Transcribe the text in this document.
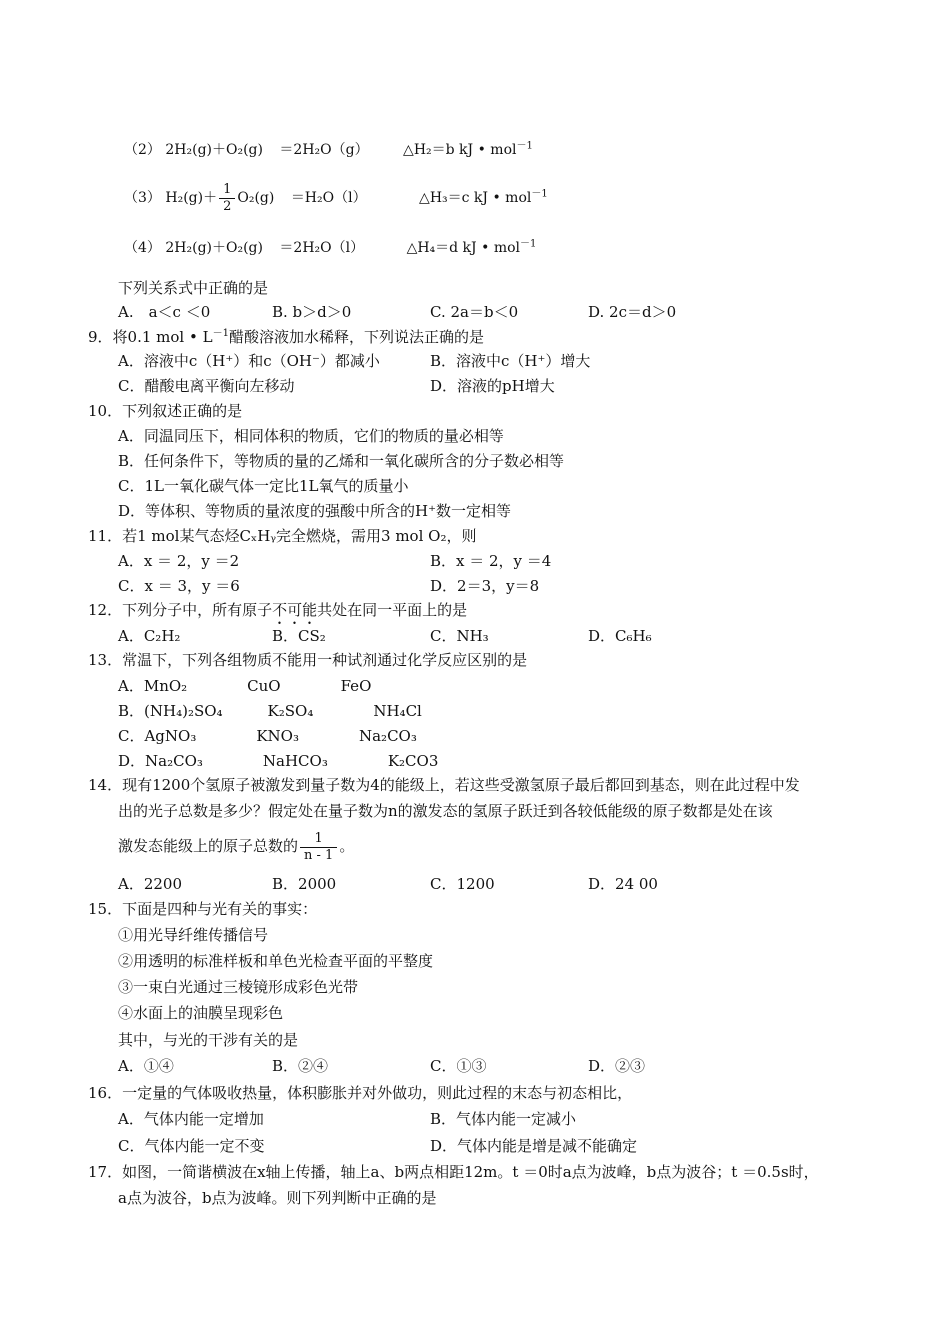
（2） 2H₂(g)＋O₂(g) ＝2H₂O（g） △H₂＝b kJ • mol$^{-1}$
（3） $H_2(g)+ \frac{1}{2} O_2(g) =H_2O(l)$	△H₃＝c kJ • mol$^{-1}$
（4） 2H₂(g)＋O₂(g) ＝2H₂O（l）	△H₄＝d kJ • mol$^{-1}$
下列关系式中正确的是
A.　a＜c ＜0	B. b＞d＞0	C. 2a＝b＜0	D. 2c＝d＞0
9．将0.1 mol • $L^{-1}$醋酸溶液加水稀释，下列说法正确的是
A．溶液中c（H⁺）和c（OH⁻）都减小	B．溶液中c（H⁺）增大
C．醋酸电离平衡向左移动	D．溶液的pH增大
10．下列叙述正确的是
A．同温同压下，相同体积的物质，它们的物质的量必相等
B．任何条件下，等物质的量的乙烯和一氧化碳所含的分子数必相等
C．1L一氧化碳气体一定比1L氧气的质量小
D．等体积、等物质的量浓度的强酸中所含的H⁺数一定相等
11．若1 mol某气态烃CₓHᵧ完全燃烧，需用3 mol O₂，则
A．x ＝ 2，y ＝2	B．x ＝ 2，y ＝4
C．x ＝ 3，y ＝6	D．2＝3，y＝8
12．下列分子中，所有原子不可能共处在同一平面上的是
A．C₂H₂	B．CS₂	C．NH₃	D．C₆H₆
13．常温下，下列各组物质不能用一种试剂通过化学反应区别的是
A．MnO₂　　　　CuO　　　　FeO
B．(NH₄)₂SO₄　　　K₂SO₄　　　　NH₄Cl
C．AgNO₃　　　　KNO₃　　　　Na₂CO₃
D．Na₂CO₃　　　　NaHCO₃　　　　K₂CO3
14．现有1200个氢原子被激发到量子数为4的能级上，若这些受激氢原子最后都回到基态，则在此过程中发
出的光子总数是多少？假定处在量子数为n的激发态的氢原子跃迁到各较低能级的原子数都是处在该
激发态能级上的原子总数的 $\frac{1}{n - 1}$ 。
A．2200	B．2000	C．1200	D．24 00
15．下面是四种与光有关的事实：
①用光导纤维传播信号
②用透明的标准样板和单色光检查平面的平整度
③一束白光通过三棱镜形成彩色光带
④水面上的油膜呈现彩色
其中，与光的干涉有关的是
A．①④	B．②④	C．①③	D．②③
16．一定量的气体吸收热量，体积膨胀并对外做功，则此过程的末态与初态相比，
A．气体内能一定增加	B．气体内能一定减小
C．气体内能一定不变	D．气体内能是增是减不能确定
17．如图，一简谐横波在x轴上传播，轴上a、b两点相距12m。t ＝0时a点为波峰，b点为波谷；t ＝0.5s时，
a点为波谷，b点为波峰。则下列判断中正确的是
